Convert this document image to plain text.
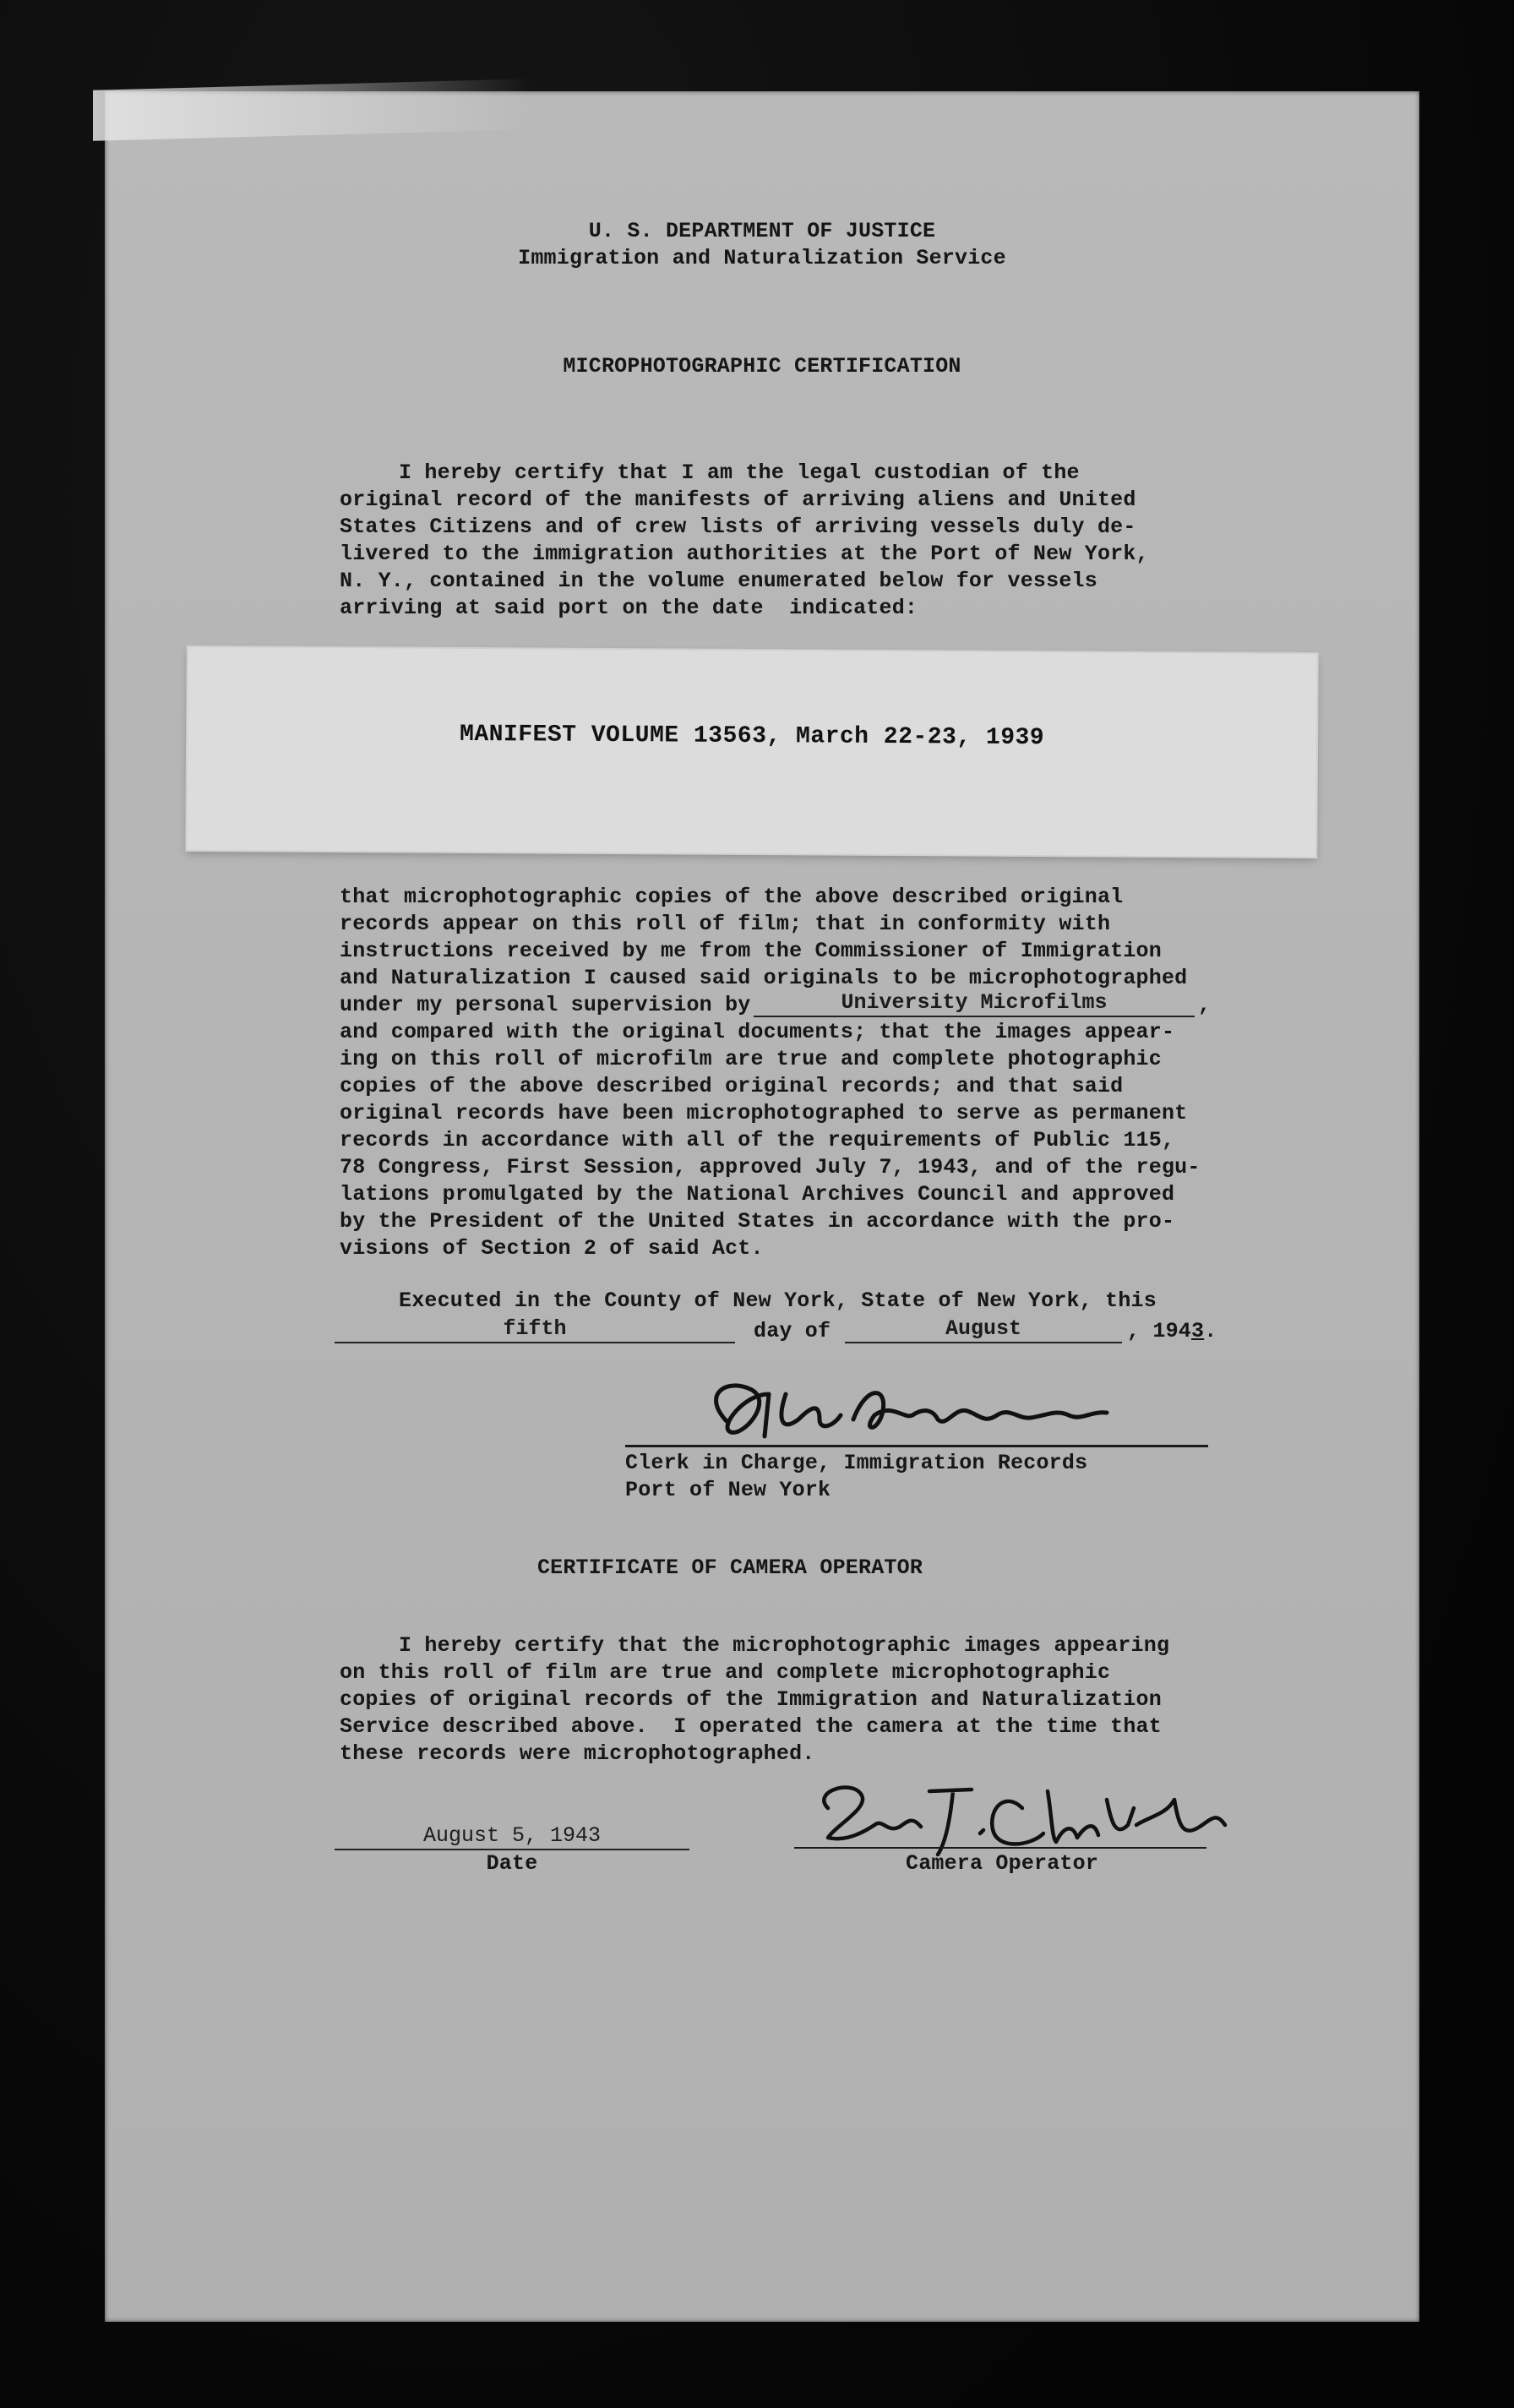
U. S. DEPARTMENT OF JUSTICE
Immigration and Naturalization Service
MICROPHOTOGRAPHIC CERTIFICATION
I hereby certify that I am the legal custodian of the
original record of the manifests of arriving aliens and United
States Citizens and of crew lists of arriving vessels duly de-
livered to the immigration authorities at the Port of New York,
N. Y., contained in the volume enumerated below for vessels
arriving at said port on the date  indicated:
MANIFEST VOLUME 13563, March 22-23, 1939
that microphotographic copies of the above described original
records appear on this roll of film; that in conformity with
instructions received by me from the Commissioner of Immigration
and Naturalization I caused said originals to be microphotographed
under my personal supervision by	University Microfilms	,
and compared with the original documents; that the images appear-
ing on this roll of microfilm are true and complete photographic
copies of the above described original records; and that said
original records have been microphotographed to serve as permanent
records in accordance with all of the requirements of Public 115,
78 Congress, First Session, approved July 7, 1943, and of the regu-
lations promulgated by the National Archives Council and approved
by the President of the United States in accordance with the pro-
visions of Section 2 of said Act.
Executed in the County of New York, State of New York, this
fifth	day of	August	, 1943.
Clerk in Charge, Immigration Records
Port of New York
CERTIFICATE OF CAMERA OPERATOR
I hereby certify that the microphotographic images appearing
on this roll of film are true and complete microphotographic
copies of original records of the Immigration and Naturalization
Service described above.  I operated the camera at the time that
these records were microphotographed.
August 5, 1943
Date	Camera Operator
